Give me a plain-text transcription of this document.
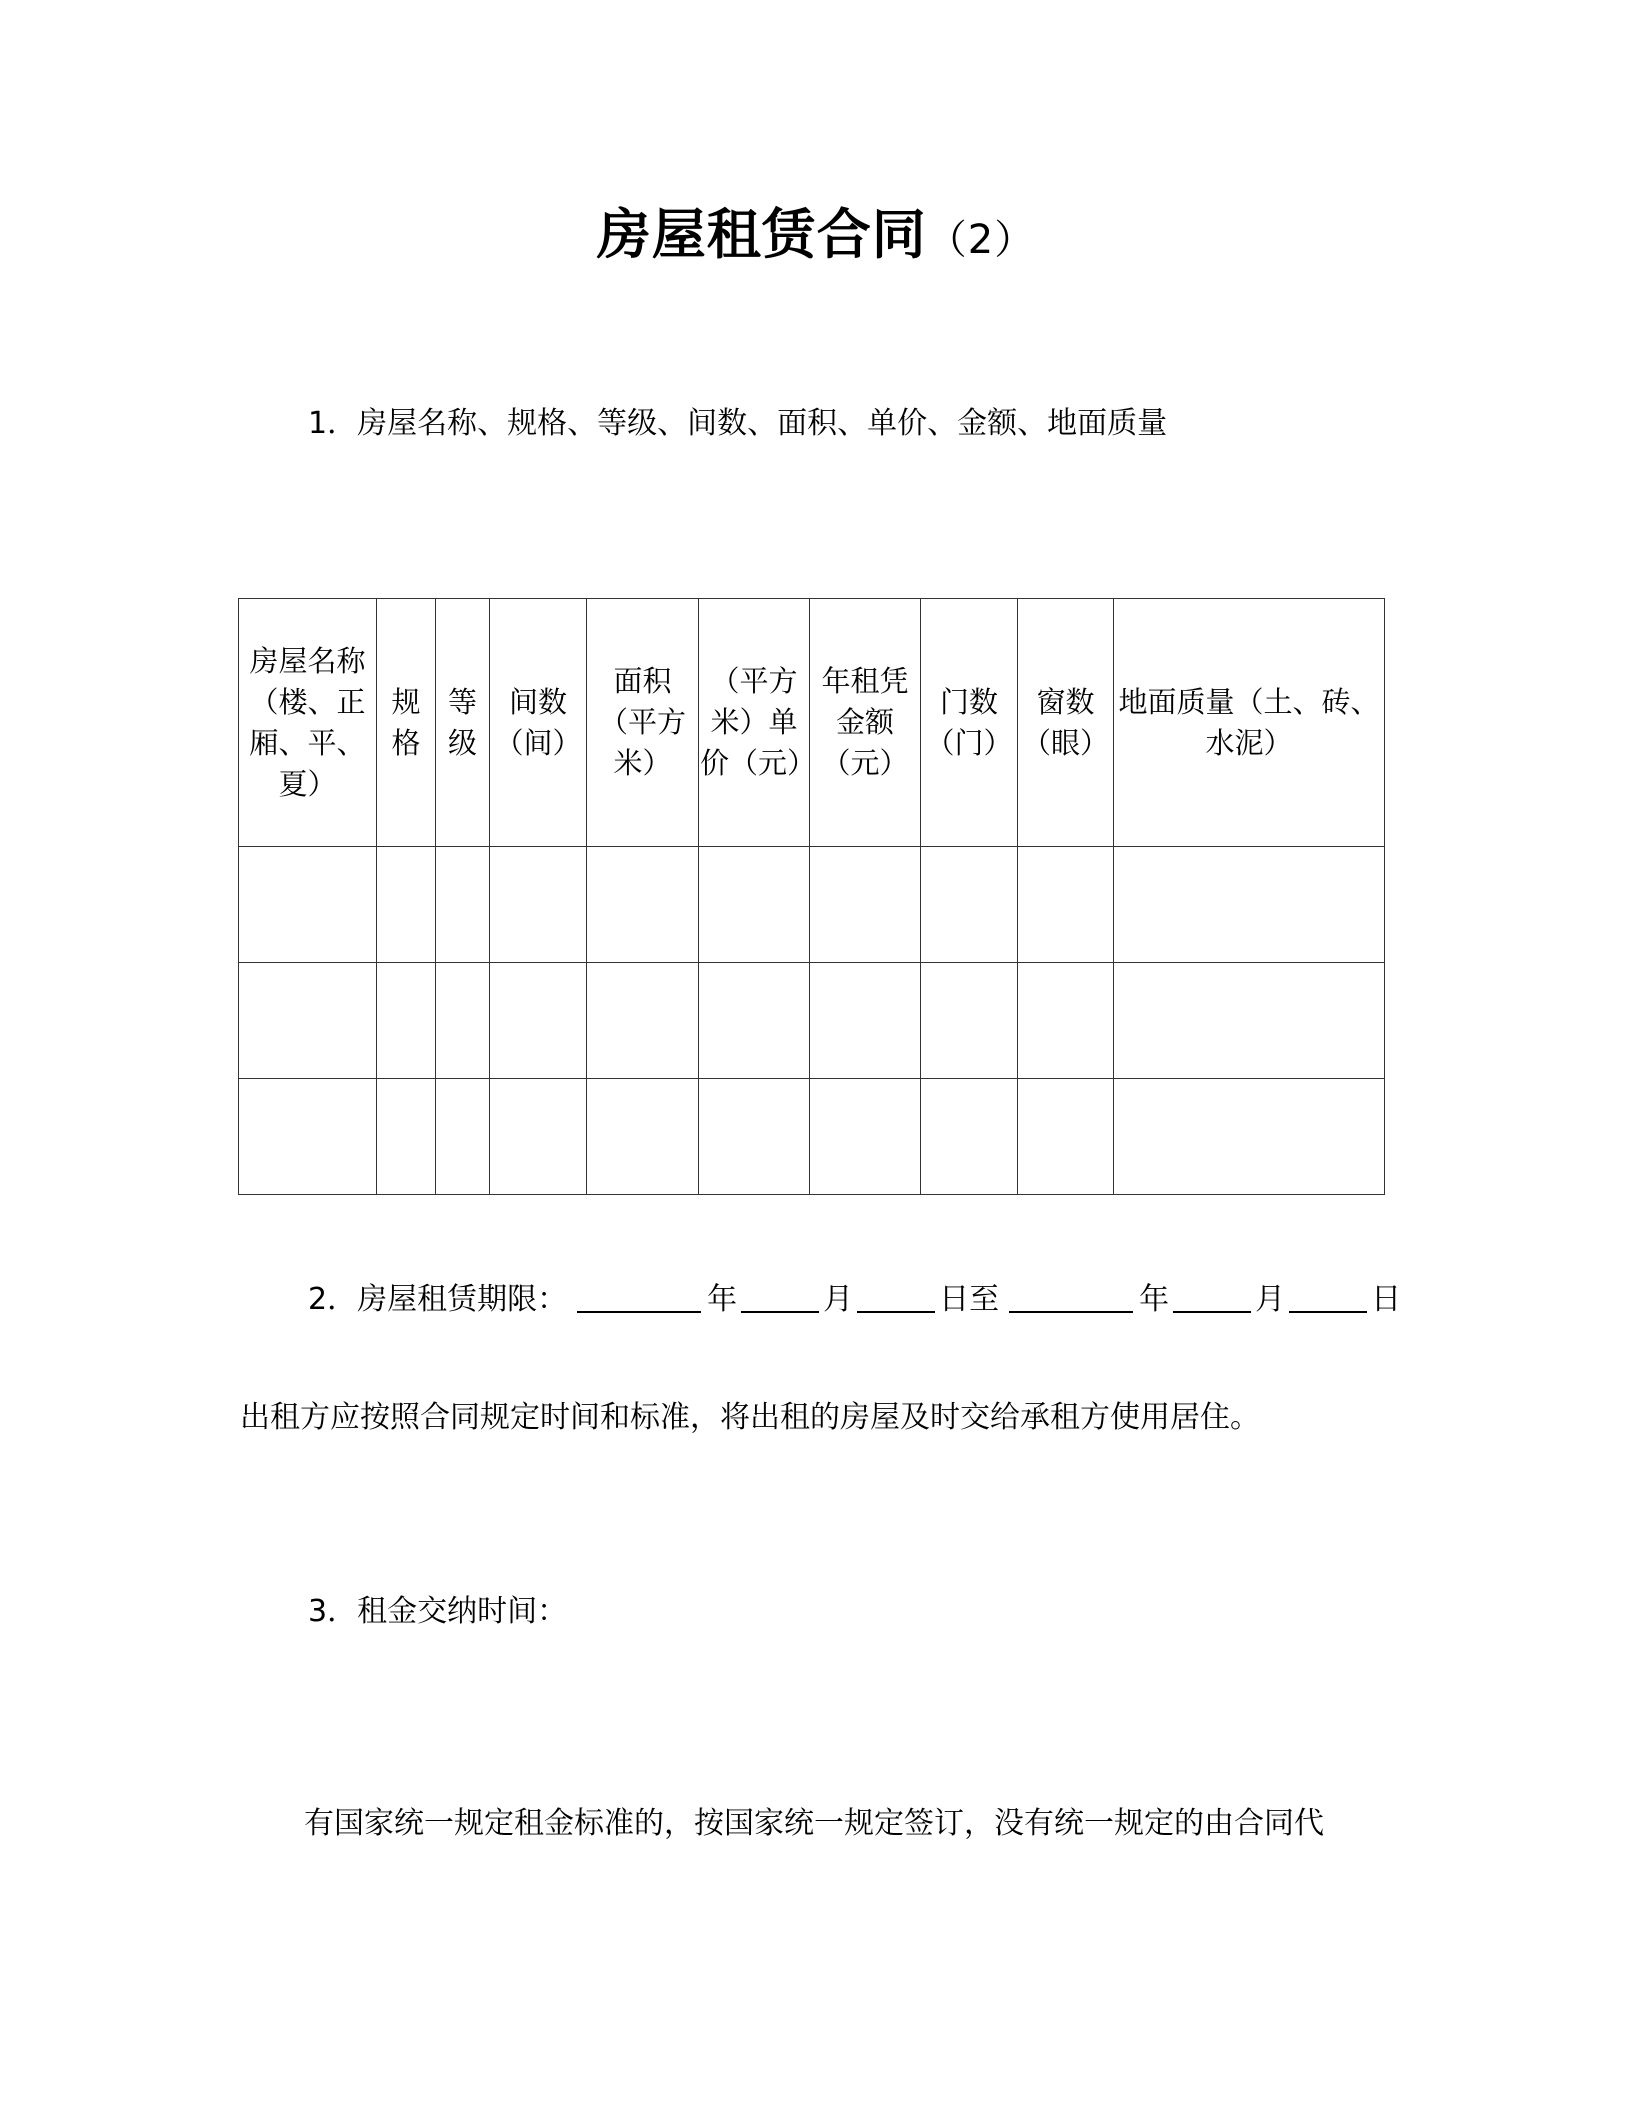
房屋租赁合同（2）
1．房屋名称、规格、等级、间数、面积、单价、金额、地面质量
房屋名称（楼、正厢、平、夏）	规格	等级	间数（间）	面积（平方米）	（平方米）单价（元）	年租凭金额（元）	门数（门）	窗数（眼）	地面质量（土、砖、水泥）

2．房屋租赁期限：	年	月	日至	年	月	日
出租方应按照合同规定时间和标准，将出租的房屋及时交给承租方使用居住。
3．租金交纳时间：
有国家统一规定租金标准的，按国家统一规定签订，没有统一规定的由合同代
